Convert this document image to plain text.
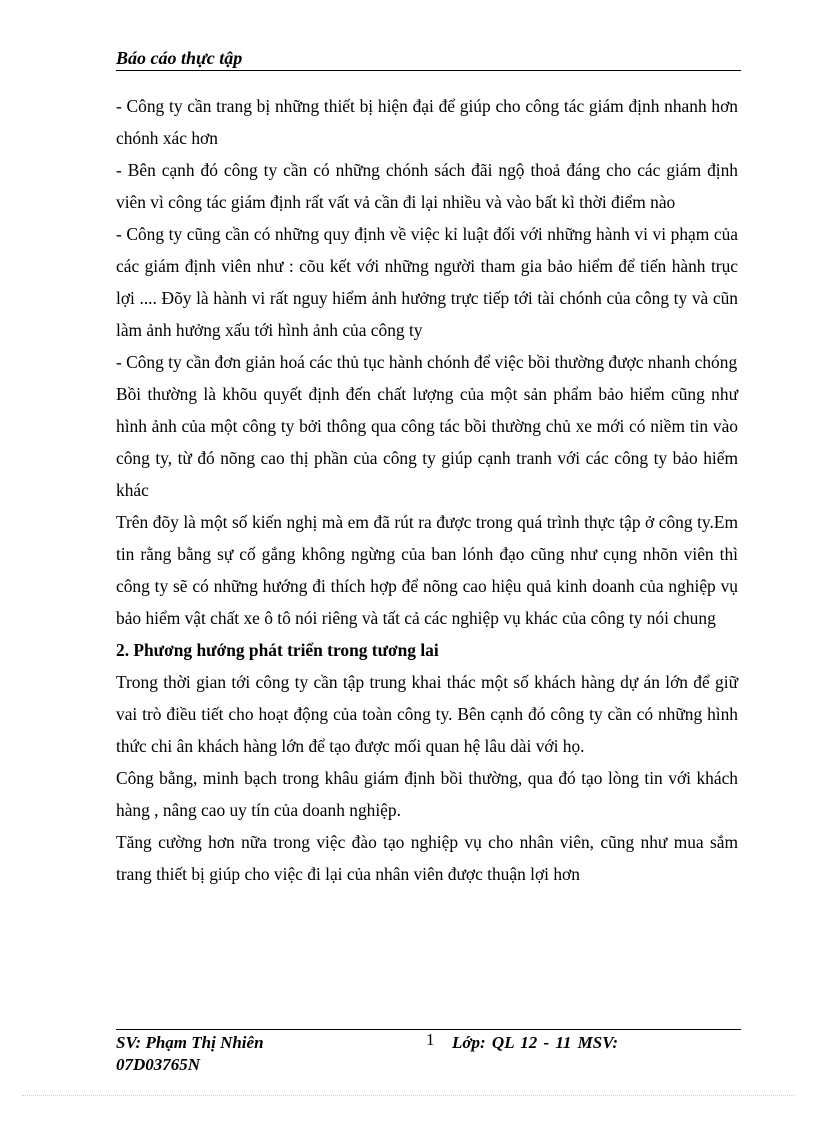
Báo cáo thực tập

- Công ty cần trang bị những thiết bị hiện đại để giúp cho công tác giám định nhanh hơn chónh xác hơn

- Bên cạnh đó công ty cần có những chónh sách đãi ngộ thoả đáng cho các giám định viên vì công tác giám định rất vất vả cần đi lại nhiều và vào bất kì thời điểm nào

- Công ty cũng cần có những quy định về việc kỉ luật đối với những hành vi vi phạm của các giám định viên như : cõu kết với những người tham gia bảo hiểm để tiến hành trục lợi .... Đõy là hành vi rất nguy hiểm ảnh hưởng trực tiếp tới tài chónh của công ty và cũn làm ảnh hưởng xấu tới hình ảnh của công ty

- Công ty cần đơn giản hoá các thủ tục hành chónh để việc bồi thường được nhanh chóng

Bồi thường là khõu quyết định đến chất lượng của một sản phẩm bảo hiểm cũng như hình ảnh của một công ty bởi thông qua công tác bồi thường chủ xe mới có niềm tin vào công ty, từ đó nõng cao thị phần của công ty giúp cạnh tranh với các công ty bảo hiểm khác

Trên đõy là một số kiến nghị mà em đã rút ra được trong quá trình thực tập ở công ty.Em tin rằng bằng sự cố gắng không ngừng của ban lónh đạo cũng như cụng nhõn viên thì công ty sẽ có những hướng đi thích hợp để nõng cao hiệu quả kinh doanh của nghiệp vụ bảo hiểm vật chất xe ô tô nói riêng và tất cả các nghiệp vụ khác của công ty nói chung

2. Phương hướng phát triển trong tương lai

Trong thời gian tới công ty cần tập trung khai thác một số khách hàng dự án lớn để giữ vai trò điều tiết cho hoạt động của toàn công ty. Bên cạnh đó công ty cần có những hình thức chi ân khách hàng lớn để tạo được mối quan hệ lâu dài với họ.

Công bằng, minh bạch trong khâu giám định bồi thường, qua đó tạo lòng tin với khách hàng , nâng cao uy tín của doanh nghiệp.

Tăng cường hơn nữa trong việc đào tạo nghiệp vụ cho nhân viên, cũng như mua sắm trang thiết bị giúp cho việc đi lại của nhân viên được thuận lợi hơn

SV: Phạm Thị Nhiên
07D03765N
1 Lớp: QL 12 - 11 MSV:
